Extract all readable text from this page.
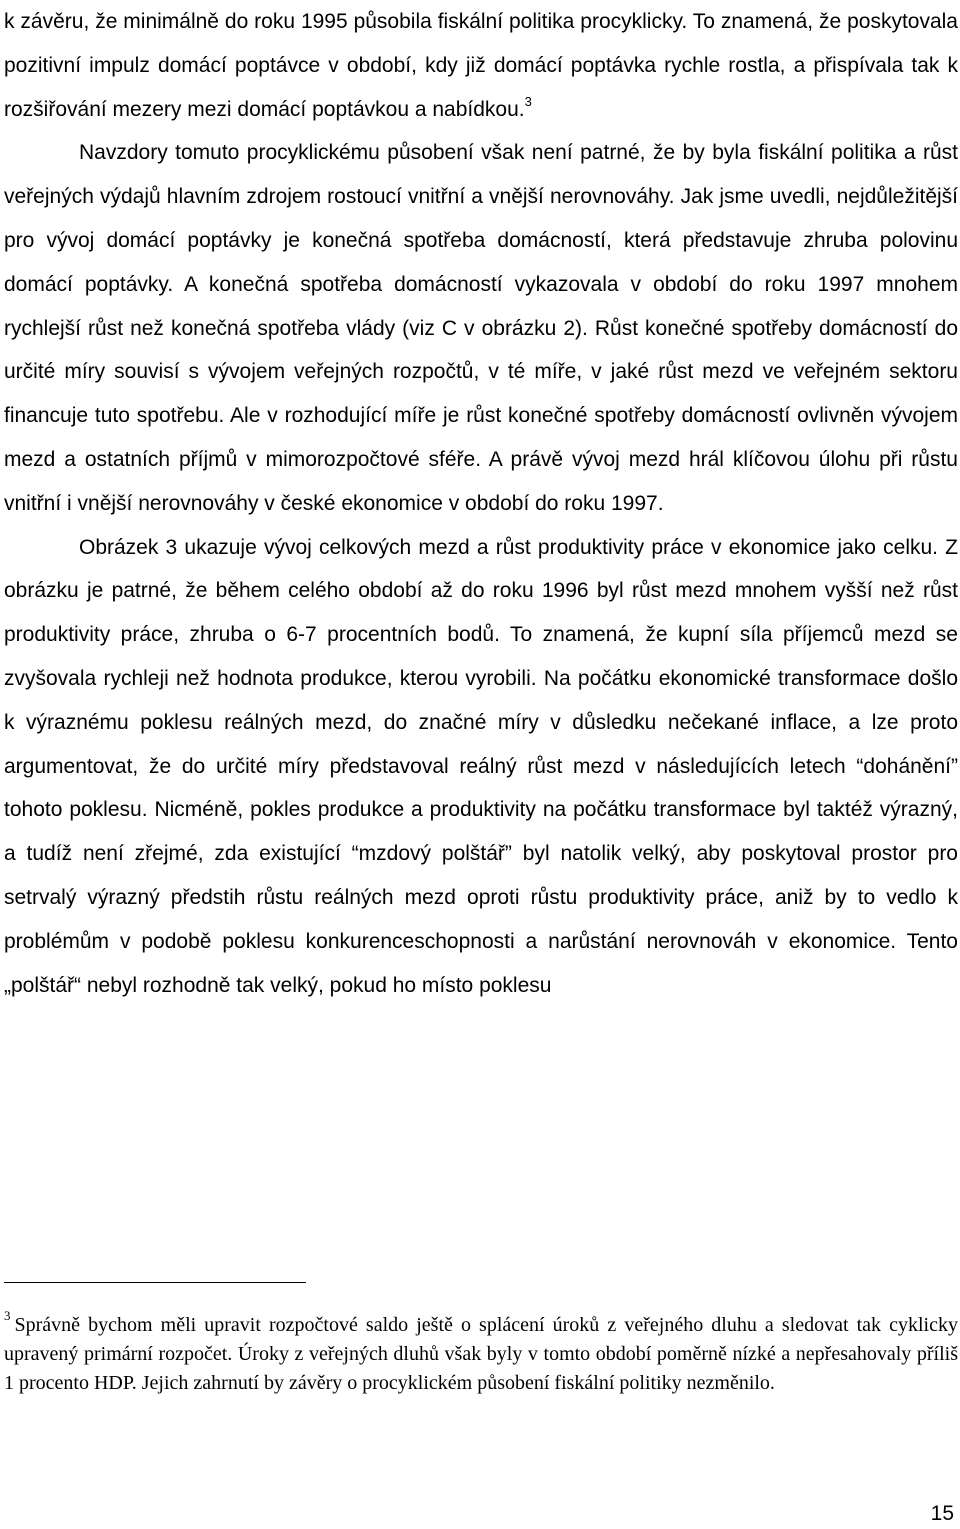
k závěru, že minimálně do roku 1995 působila fiskální politika procyklicky. To znamená, že poskytovala pozitivní impulz domácí poptávce v období, kdy již domácí poptávka rychle rostla, a přispívala tak k rozšiřování mezery mezi domácí poptávkou a nabídkou.$^3$

Navzdory tomuto procyklickému působení však není patrné, že by byla fiskální politika a růst veřejných výdajů hlavním zdrojem rostoucí vnitřní a vnější nerovnováhy. Jak jsme uvedli, nejdůležitější pro vývoj domácí poptávky je konečná spotřeba domácností, která představuje zhruba polovinu domácí poptávky. A konečná spotřeba domácností vykazovala v období do roku 1997 mnohem rychlejší růst než konečná spotřeba vlády (viz C v obrázku 2). Růst konečné spotřeby domácností do určité míry souvisí s vývojem veřejných rozpočtů, v té míře, v jaké růst mezd ve veřejném sektoru financuje tuto spotřebu. Ale v rozhodující míře je růst konečné spotřeby domácností ovlivněn vývojem mezd a ostatních příjmů v mimorozpočtové sféře. A právě vývoj mezd hrál klíčovou úlohu při růstu vnitřní i vnější nerovnováhy v české ekonomice v období do roku 1997.

Obrázek 3 ukazuje vývoj celkových mezd a růst produktivity práce v ekonomice jako celku. Z obrázku je patrné, že během celého období až do roku 1996 byl růst mezd mnohem vyšší než růst produktivity práce, zhruba o 6-7 procentních bodů. To znamená, že kupní síla příjemců mezd se zvyšovala rychleji než hodnota produkce, kterou vyrobili. Na počátku ekonomické transformace došlo k výraznému poklesu reálných mezd, do značné míry v důsledku nečekané inflace, a lze proto argumentovat, že do určité míry představoval reálný růst mezd v následujících letech “dohánění” tohoto poklesu. Nicméně, pokles produkce a produktivity na počátku transformace byl taktéž výrazný, a tudíž není zřejmé, zda existující “mzdový polštář” byl natolik velký, aby poskytoval prostor pro setrvalý výrazný předstih růstu reálných mezd oproti růstu produktivity práce, aniž by to vedlo k problémům v podobě poklesu konkurenceschopnosti a narůstání nerovnováh v ekonomice. Tento „polštář“ nebyl rozhodně tak velký, pokud ho místo poklesu

$^3$ Správně bychom měli upravit rozpočtové saldo ještě o splácení úroků z veřejného dluhu a sledovat tak cyklicky upravený primární rozpočet. Úroky z veřejných dluhů však byly v tomto období poměrně nízké a nepřesahovaly příliš 1 procento HDP. Jejich zahrnutí by závěry o procyklickém působení fiskální politiky nezměnilo.

15
